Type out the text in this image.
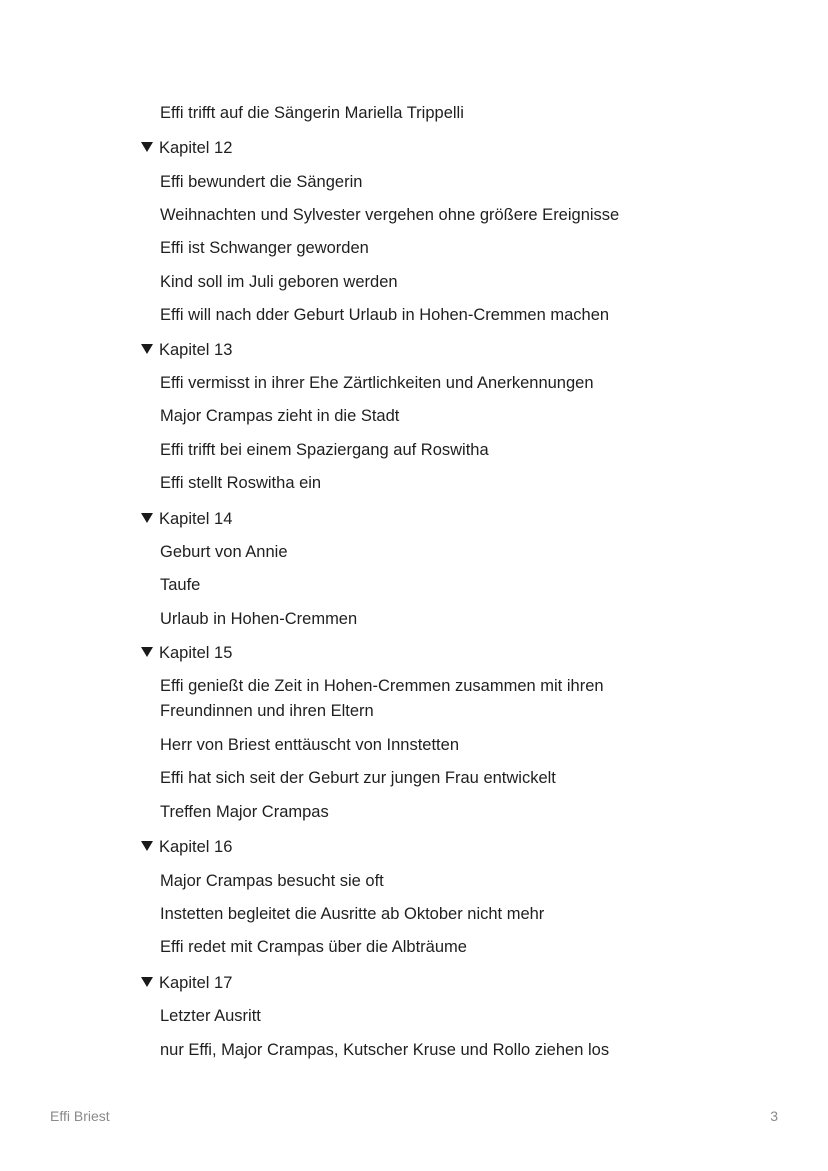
Effi trifft auf die Sängerin Mariella Trippelli
Kapitel 12
Effi bewundert die Sängerin
Weihnachten und Sylvester vergehen ohne größere Ereignisse
Effi ist Schwanger geworden
Kind soll im Juli geboren werden
Effi will nach dder Geburt Urlaub in Hohen-Cremmen machen
Kapitel 13
Effi vermisst in ihrer Ehe Zärtlichkeiten und Anerkennungen
Major Crampas zieht in die Stadt
Effi trifft bei einem Spaziergang auf Roswitha
Effi stellt Roswitha ein
Kapitel 14
Geburt von Annie
Taufe
Urlaub in Hohen-Cremmen
Kapitel 15
Effi genießt die Zeit in Hohen-Cremmen zusammen mit ihren Freundinnen und ihren Eltern
Herr von Briest enttäuscht von Innstetten
Effi hat sich seit der Geburt zur jungen Frau entwickelt
Treffen Major Crampas
Kapitel 16
Major Crampas besucht sie oft
Instetten begleitet die Ausritte ab Oktober nicht mehr
Effi redet mit Crampas über die Albträume
Kapitel 17
Letzter Ausritt
nur Effi, Major Crampas, Kutscher Kruse und Rollo ziehen los
Effi Briest	3
